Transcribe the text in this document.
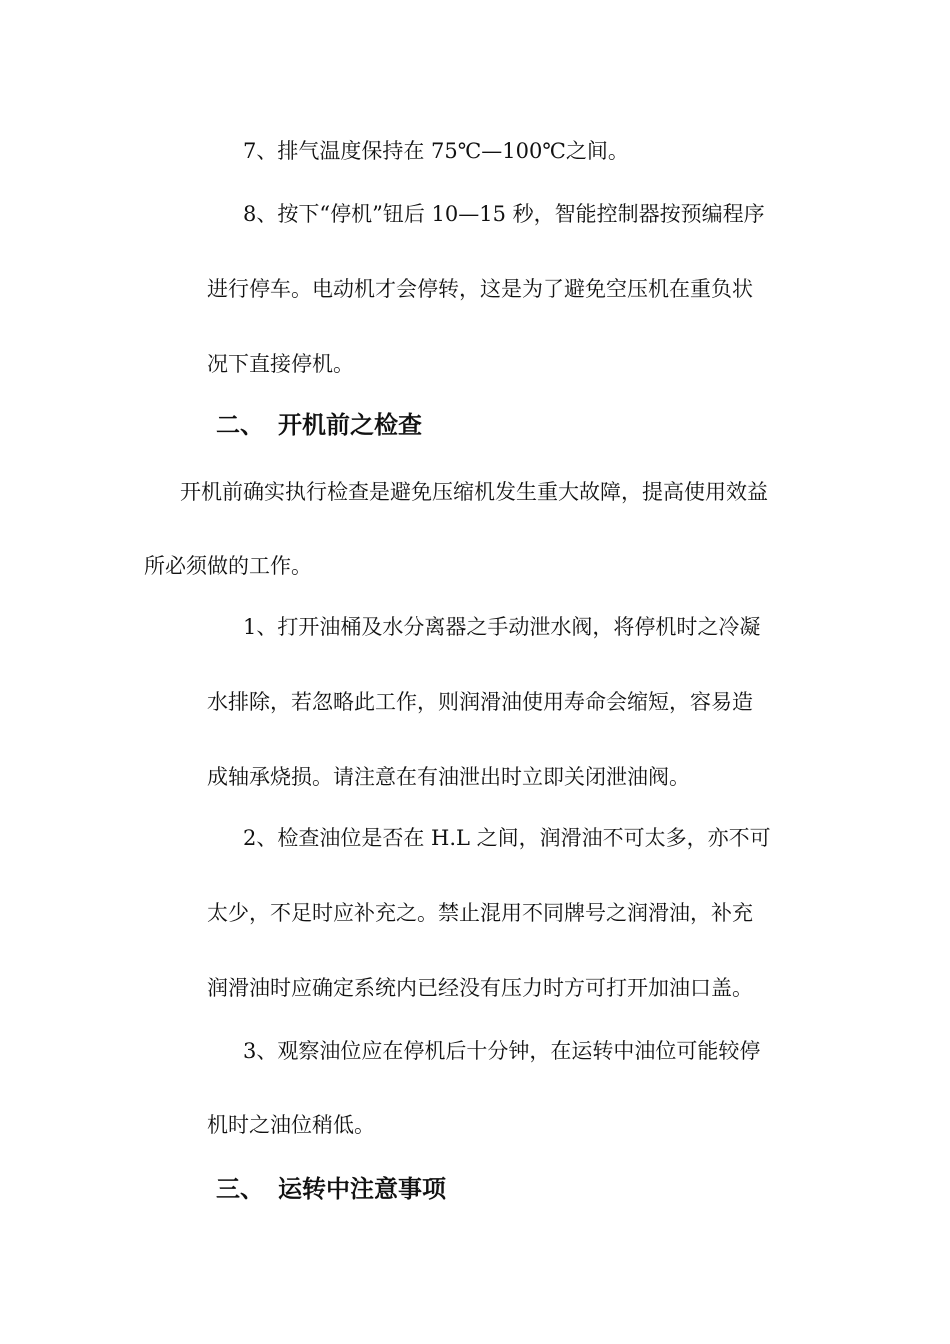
7、排气温度保持在 75℃—100℃之间。
8、按下“停机”钮后 10—15 秒，智能控制器按预编程序
进行停车。电动机才会停转，这是为了避免空压机在重负状
况下直接停机。
二、 开机前之检查
开机前确实执行检查是避免压缩机发生重大故障，提高使用效益
所必须做的工作。
1、打开油桶及水分离器之手动泄水阀，将停机时之冷凝
水排除，若忽略此工作，则润滑油使用寿命会缩短，容易造
成轴承烧损。请注意在有油泄出时立即关闭泄油阀。
2、检查油位是否在 H.L 之间，润滑油不可太多，亦不可
太少，不足时应补充之。禁止混用不同牌号之润滑油，补充
润滑油时应确定系统内已经没有压力时方可打开加油口盖。
3、观察油位应在停机后十分钟，在运转中油位可能较停
机时之油位稍低。
三、 运转中注意事项
